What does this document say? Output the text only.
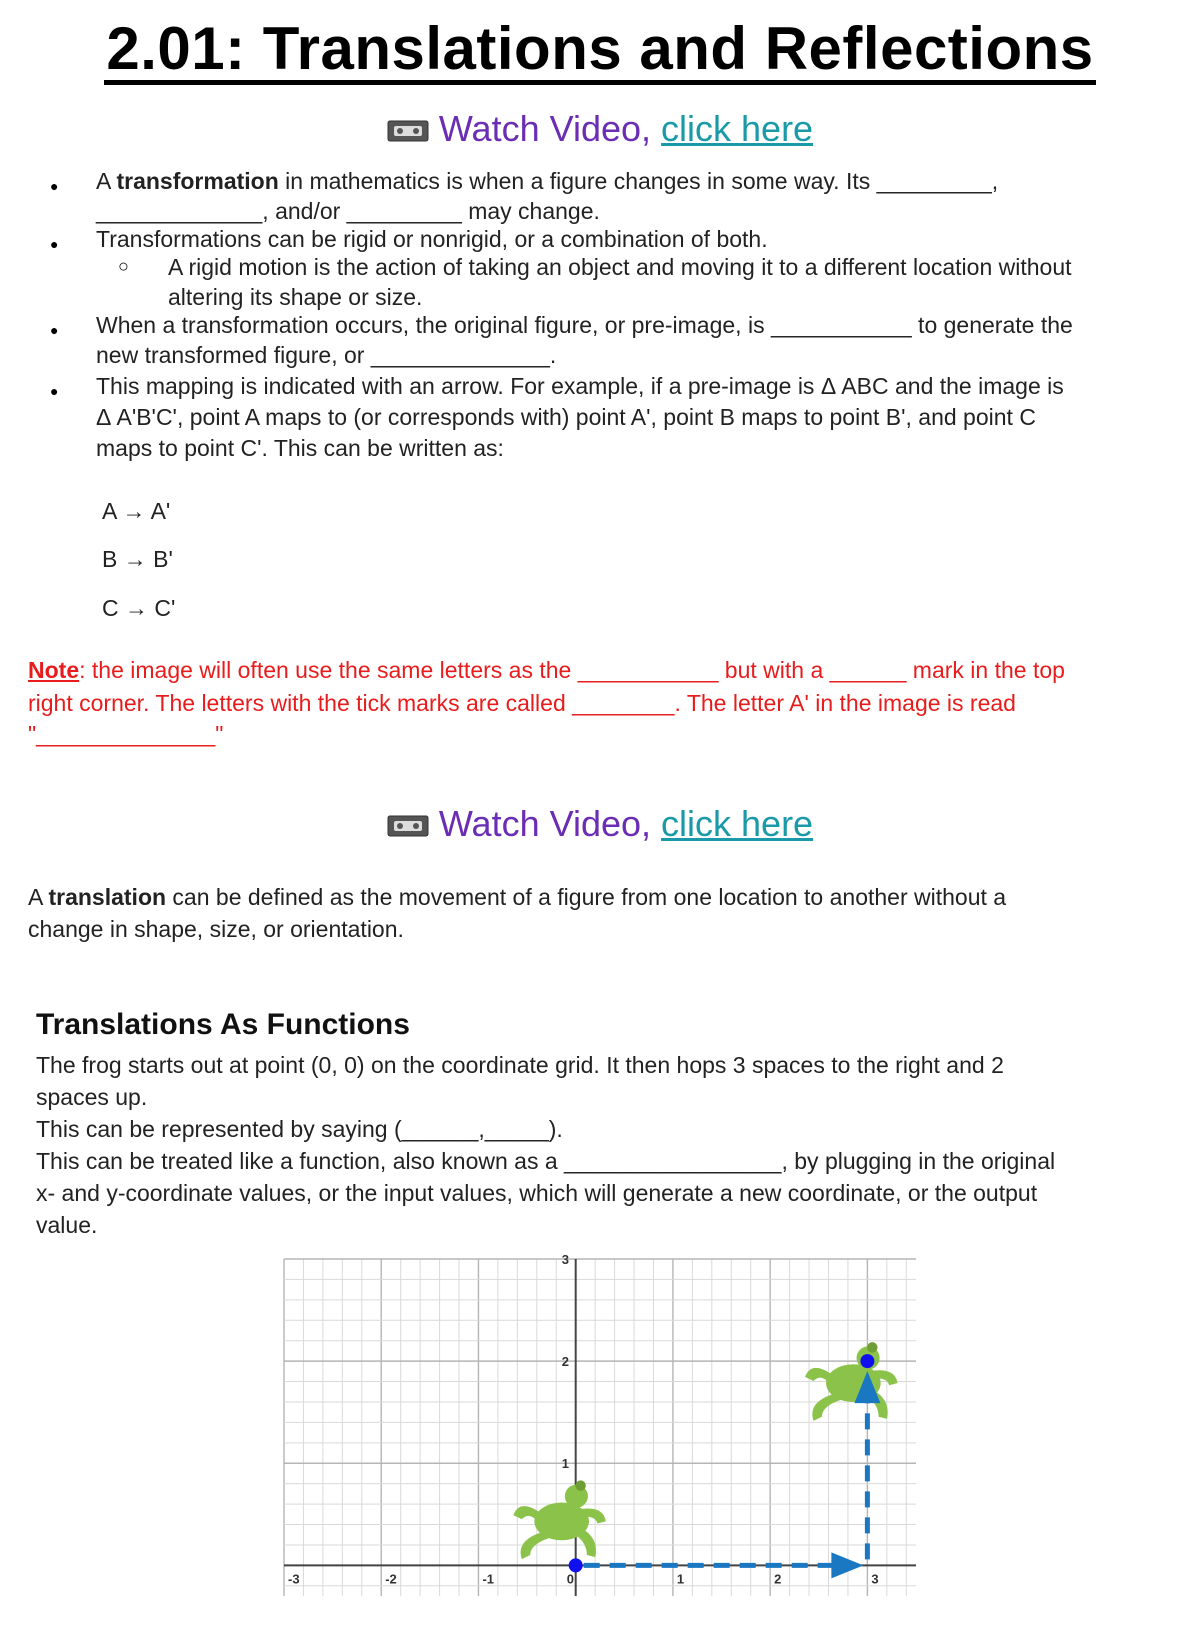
2.01: Translations and Reflections
Watch Video, click here
● A transformation in mathematics is when a figure changes in some way. Its _________,
_____________, and/or _________ may change.
● Transformations can be rigid or nonrigid, or a combination of both.
○ A rigid motion is the action of taking an object and moving it to a different location without
altering its shape or size.
● When a transformation occurs, the original figure, or pre-image, is ___________ to generate the
new transformed figure, or ______________.
● This mapping is indicated with an arrow. For example, if a pre-image is Δ ABC and the image is
Δ A'B'C', point A maps to (or corresponds with) point A', point B maps to point B', and point C
maps to point C'. This can be written as:
A → A'
B → B'
C → C'
Note: the image will often use the same letters as the ___________ but with a ______ mark in the top
right corner. The letters with the tick marks are called ________. The letter A' in the image is read
"______________"
Watch Video, click here
A translation can be defined as the movement of a figure from one location to another without a
change in shape, size, or orientation.
Translations As Functions
The frog starts out at point (0, 0) on the coordinate grid. It then hops 3 spaces to the right and 2
spaces up.
This can be represented by saying (______,_____).
This can be treated like a function, also known as a _________________, by plugging in the original
x- and y-coordinate values, or the input values, which will generate a new coordinate, or the output
value.
-3	-2	-1	0	1	2	3
1
2
3
